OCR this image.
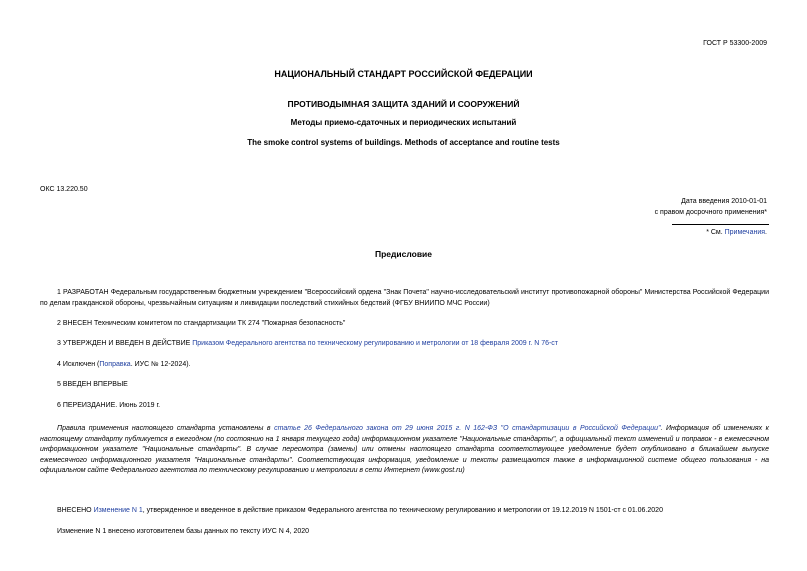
ГОСТ Р 53300-2009
НАЦИОНАЛЬНЫЙ СТАНДАРТ РОССИЙСКОЙ ФЕДЕРАЦИИ
ПРОТИВОДЫМНАЯ ЗАЩИТА ЗДАНИЙ И СООРУЖЕНИЙ
Методы приемо-сдаточных и периодических испытаний
The smoke control systems of buildings. Methods of acceptance and routine tests
ОКС 13.220.50
Дата введения 2010-01-01
с правом досрочного применения*
* См. Примечания.
Предисловие
1 РАЗРАБОТАН Федеральным государственным бюджетным учреждением "Всероссийский ордена "Знак Почета" научно-исследовательский институт противопожарной обороны" Министерства Российской Федерации по делам гражданской обороны, чрезвычайным ситуациям и ликвидации последствий стихийных бедствий (ФГБУ ВНИИПО МЧС России)
2 ВНЕСЕН Техническим комитетом по стандартизации ТК 274 "Пожарная безопасность"
3 УТВЕРЖДЕН И ВВЕДЕН В ДЕЙСТВИЕ Приказом Федерального агентства по техническому регулированию и метрологии от 18 февраля 2009 г. N 76-ст
4 Исключен (Поправка. ИУС № 12-2024).
5 ВВЕДЕН ВПЕРВЫЕ
6 ПЕРЕИЗДАНИЕ. Июнь 2019 г.
Правила применения настоящего стандарта установлены в статье 26 Федерального закона от 29 июня 2015 г. N 162-ФЗ "О стандартизации в Российской Федерации". Информация об изменениях к настоящему стандарту публикуется в ежегодном (по состоянию на 1 января текущего года) информационном указателе "Национальные стандарты", а официальный текст изменений и поправок - в ежемесячном информационном указателе "Национальные стандарты". В случае пересмотра (замены) или отмены настоящего стандарта соответствующее уведомление будет опубликовано в ближайшем выпуске ежемесячного информационного указателя "Национальные стандарты". Соответствующая информация, уведомление и тексты размещаются также в информационной системе общего пользования - на официальном сайте Федерального агентства по техническому регулированию и метрологии в сети Интернет (www.gost.ru)
ВНЕСЕНО Изменение N 1, утвержденное и введенное в действие приказом Федерального агентства по техническому регулированию и метрологии от 19.12.2019 N 1501-ст с 01.06.2020
Изменение N 1 внесено изготовителем базы данных по тексту ИУС N 4, 2020
